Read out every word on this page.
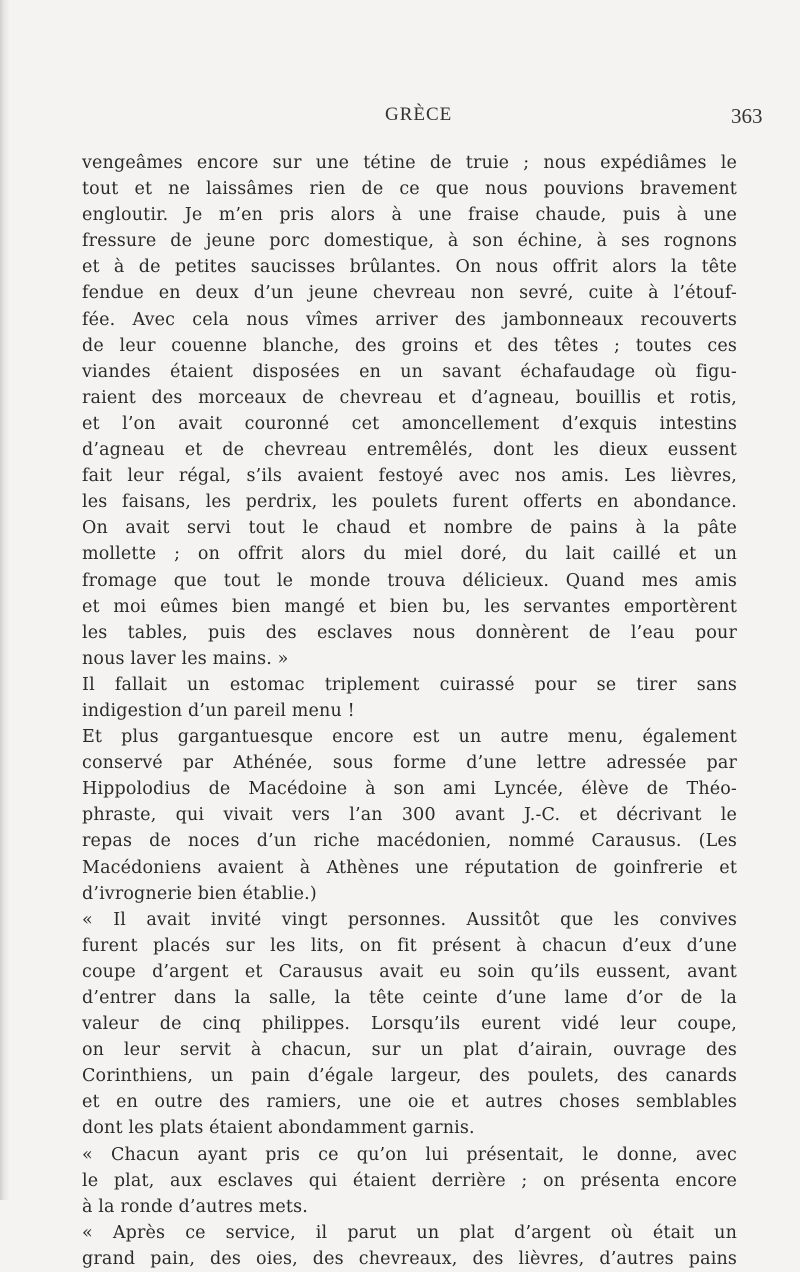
GRÈCE	363
vengeâmes encore sur une tétine de truie ; nous expédiâmes le
tout et ne laissâmes rien de ce que nous pouvions bravement
engloutir. Je m’en pris alors à une fraise chaude, puis à une
fressure de jeune porc domestique, à son échine, à ses rognons
et à de petites saucisses brûlantes. On nous offrit alors la tête
fendue en deux d’un jeune chevreau non sevré, cuite à l’étouf-
fée. Avec cela nous vîmes arriver des jambonneaux recouverts
de leur couenne blanche, des groins et des têtes ; toutes ces
viandes étaient disposées en un savant échafaudage où figu-
raient des morceaux de chevreau et d’agneau, bouillis et rotis,
et l’on avait couronné cet amoncellement d’exquis intestins
d’agneau et de chevreau entremêlés, dont les dieux eussent
fait leur régal, s’ils avaient festoyé avec nos amis. Les lièvres,
les faisans, les perdrix, les poulets furent offerts en abondance.
On avait servi tout le chaud et nombre de pains à la pâte
mollette ; on offrit alors du miel doré, du lait caillé et un
fromage que tout le monde trouva délicieux. Quand mes amis
et moi eûmes bien mangé et bien bu, les servantes emportèrent
les tables, puis des esclaves nous donnèrent de l’eau pour
nous laver les mains. »
Il fallait un estomac triplement cuirassé pour se tirer sans
indigestion d’un pareil menu !
Et plus gargantuesque encore est un autre menu, également
conservé par Athénée, sous forme d’une lettre adressée par
Hippolodius de Macédoine à son ami Lyncée, élève de Théo-
phraste, qui vivait vers l’an 300 avant J.-C. et décrivant le
repas de noces d’un riche macédonien, nommé Carausus. (Les
Macédoniens avaient à Athènes une réputation de goinfrerie et
d’ivrognerie bien établie.)
« Il avait invité vingt personnes. Aussitôt que les convives
furent placés sur les lits, on fit présent à chacun d’eux d’une
coupe d’argent et Carausus avait eu soin qu’ils eussent, avant
d’entrer dans la salle, la tête ceinte d’une lame d’or de la
valeur de cinq philippes. Lorsqu’ils eurent vidé leur coupe,
on leur servit à chacun, sur un plat d’airain, ouvrage des
Corinthiens, un pain d’égale largeur, des poulets, des canards
et en outre des ramiers, une oie et autres choses semblables
dont les plats étaient abondamment garnis.
« Chacun ayant pris ce qu’on lui présentait, le donne, avec
le plat, aux esclaves qui étaient derrière ; on présenta encore
à la ronde d’autres mets.
« Après ce service, il parut un plat d’argent où était un
grand pain, des oies, des chevreaux, des lièvres, d’autres pains
